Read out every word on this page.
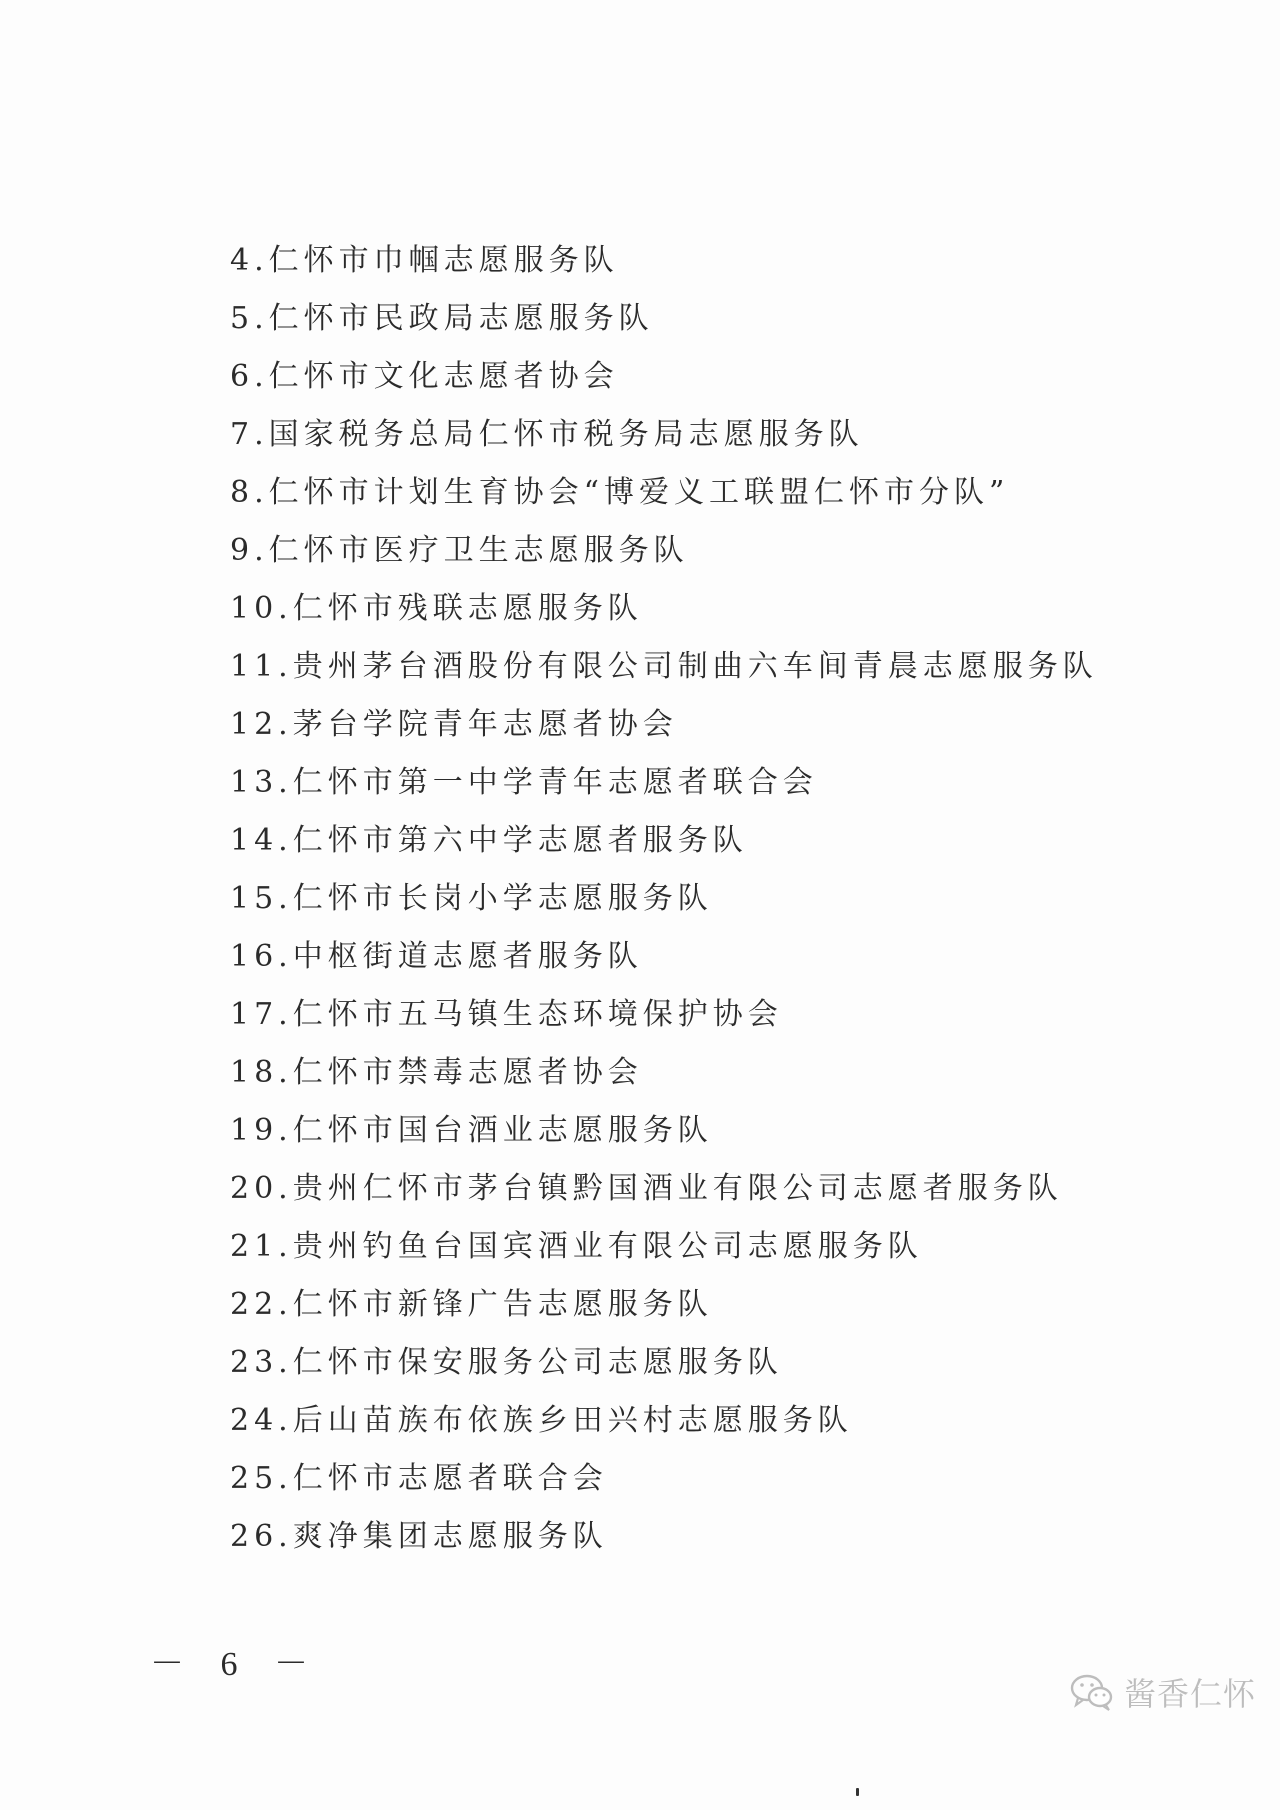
4.仁怀市巾帼志愿服务队
5.仁怀市民政局志愿服务队
6.仁怀市文化志愿者协会
7.国家税务总局仁怀市税务局志愿服务队
8.仁怀市计划生育协会“博爱义工联盟仁怀市分队”
9.仁怀市医疗卫生志愿服务队
10.仁怀市残联志愿服务队
11.贵州茅台酒股份有限公司制曲六车间青晨志愿服务队
12.茅台学院青年志愿者协会
13.仁怀市第一中学青年志愿者联合会
14.仁怀市第六中学志愿者服务队
15.仁怀市长岗小学志愿服务队
16.中枢街道志愿者服务队
17.仁怀市五马镇生态环境保护协会
18.仁怀市禁毒志愿者协会
19.仁怀市国台酒业志愿服务队
20.贵州仁怀市茅台镇黔国酒业有限公司志愿者服务队
21.贵州钓鱼台国宾酒业有限公司志愿服务队
22.仁怀市新锋广告志愿服务队
23.仁怀市保安服务公司志愿服务队
24.后山苗族布依族乡田兴村志愿服务队
25.仁怀市志愿者联合会
26.爽净集团志愿服务队
－ 6 －
酱香仁怀
